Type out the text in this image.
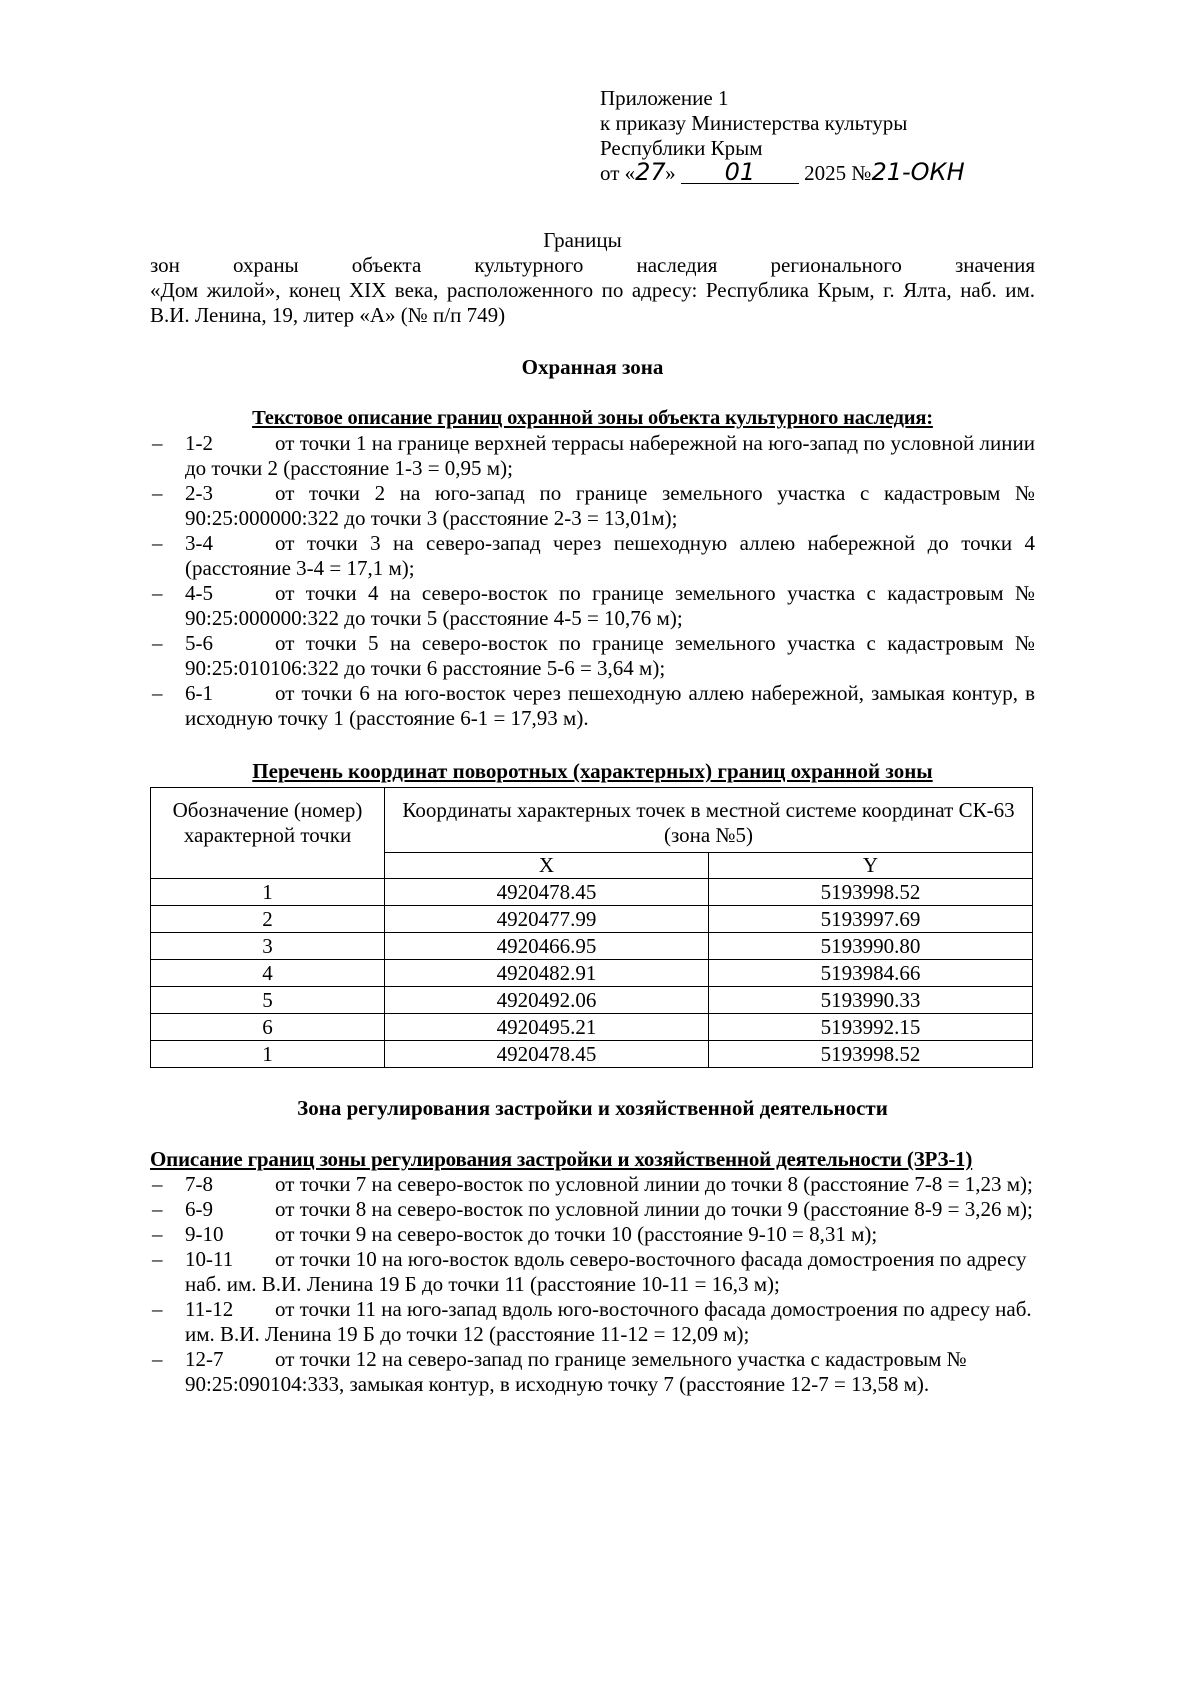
Приложение 1
к приказу Министерства культуры
Республики Крым
от «27» 01 2025 №21-ОКН
Границы
зон охраны объекта культурного наследия регионального значения
«Дом жилой», конец XIX века, расположенного по адресу: Республика Крым, г. Ялта, наб. им. В.И. Ленина, 19, литер «А» (№ п/п 749)
Охранная зона
Текстовое описание границ охранной зоны объекта культурного наследия:
– 1-2	от точки 1 на границе верхней террасы набережной на юго-запад по условной линии до точки 2 (расстояние 1-3 = 0,95 м);
– 2-3	от точки 2 на юго-запад по границе земельного участка с кадастровым № 90:25:000000:322 до точки 3 (расстояние 2-3 = 13,01м);
– 3-4	от точки 3 на северо-запад через пешеходную аллею набережной до точки 4 (расстояние 3-4 = 17,1 м);
– 4-5	от точки 4 на северо-восток по границе земельного участка с кадастровым № 90:25:000000:322 до точки 5 (расстояние 4-5 = 10,76 м);
– 5-6	от точки 5 на северо-восток по границе земельного участка с кадастровым № 90:25:010106:322 до точки 6 расстояние 5-6 = 3,64 м);
– 6-1	от точки 6 на юго-восток через пешеходную аллею набережной, замыкая контур, в исходную точку 1 (расстояние 6-1 = 17,93 м).
Перечень координат поворотных (характерных) границ охранной зоны
Обозначение (номер) характерной точки	Координаты характерных точек в местной системе координат СК-63 (зона №5)	
	X	Y
1	4920478.45	5193998.52
2	4920477.99	5193997.69
3	4920466.95	5193990.80
4	4920482.91	5193984.66
5	4920492.06	5193990.33
6	4920495.21	5193992.15
1	4920478.45	5193998.52
Зона регулирования застройки и хозяйственной деятельности
Описание границ зоны регулирования застройки и хозяйственной деятельности (ЗРЗ-1)
– 7-8	от точки 7 на северо-восток по условной линии до точки 8 (расстояние 7-8 = 1,23 м);
– 6-9	от точки 8 на северо-восток по условной линии до точки 9 (расстояние 8-9 = 3,26 м);
– 9-10 от точки 9 на северо-восток до точки 10 (расстояние 9-10 = 8,31 м);
– 10-11 от точки 10 на юго-восток вдоль северо-восточного фасада домостроения по адресу наб. им. В.И. Ленина 19 Б до точки 11 (расстояние 10-11 = 16,3 м);
– 11-12 от точки 11 на юго-запад вдоль юго-восточного фасада домостроения по адресу наб. им. В.И. Ленина 19 Б до точки 12 (расстояние 11-12 = 12,09 м);
– 12-7 от точки 12 на северо-запад по границе земельного участка с кадастровым № 90:25:090104:333, замыкая контур, в исходную точку 7 (расстояние 12-7 = 13,58 м).
